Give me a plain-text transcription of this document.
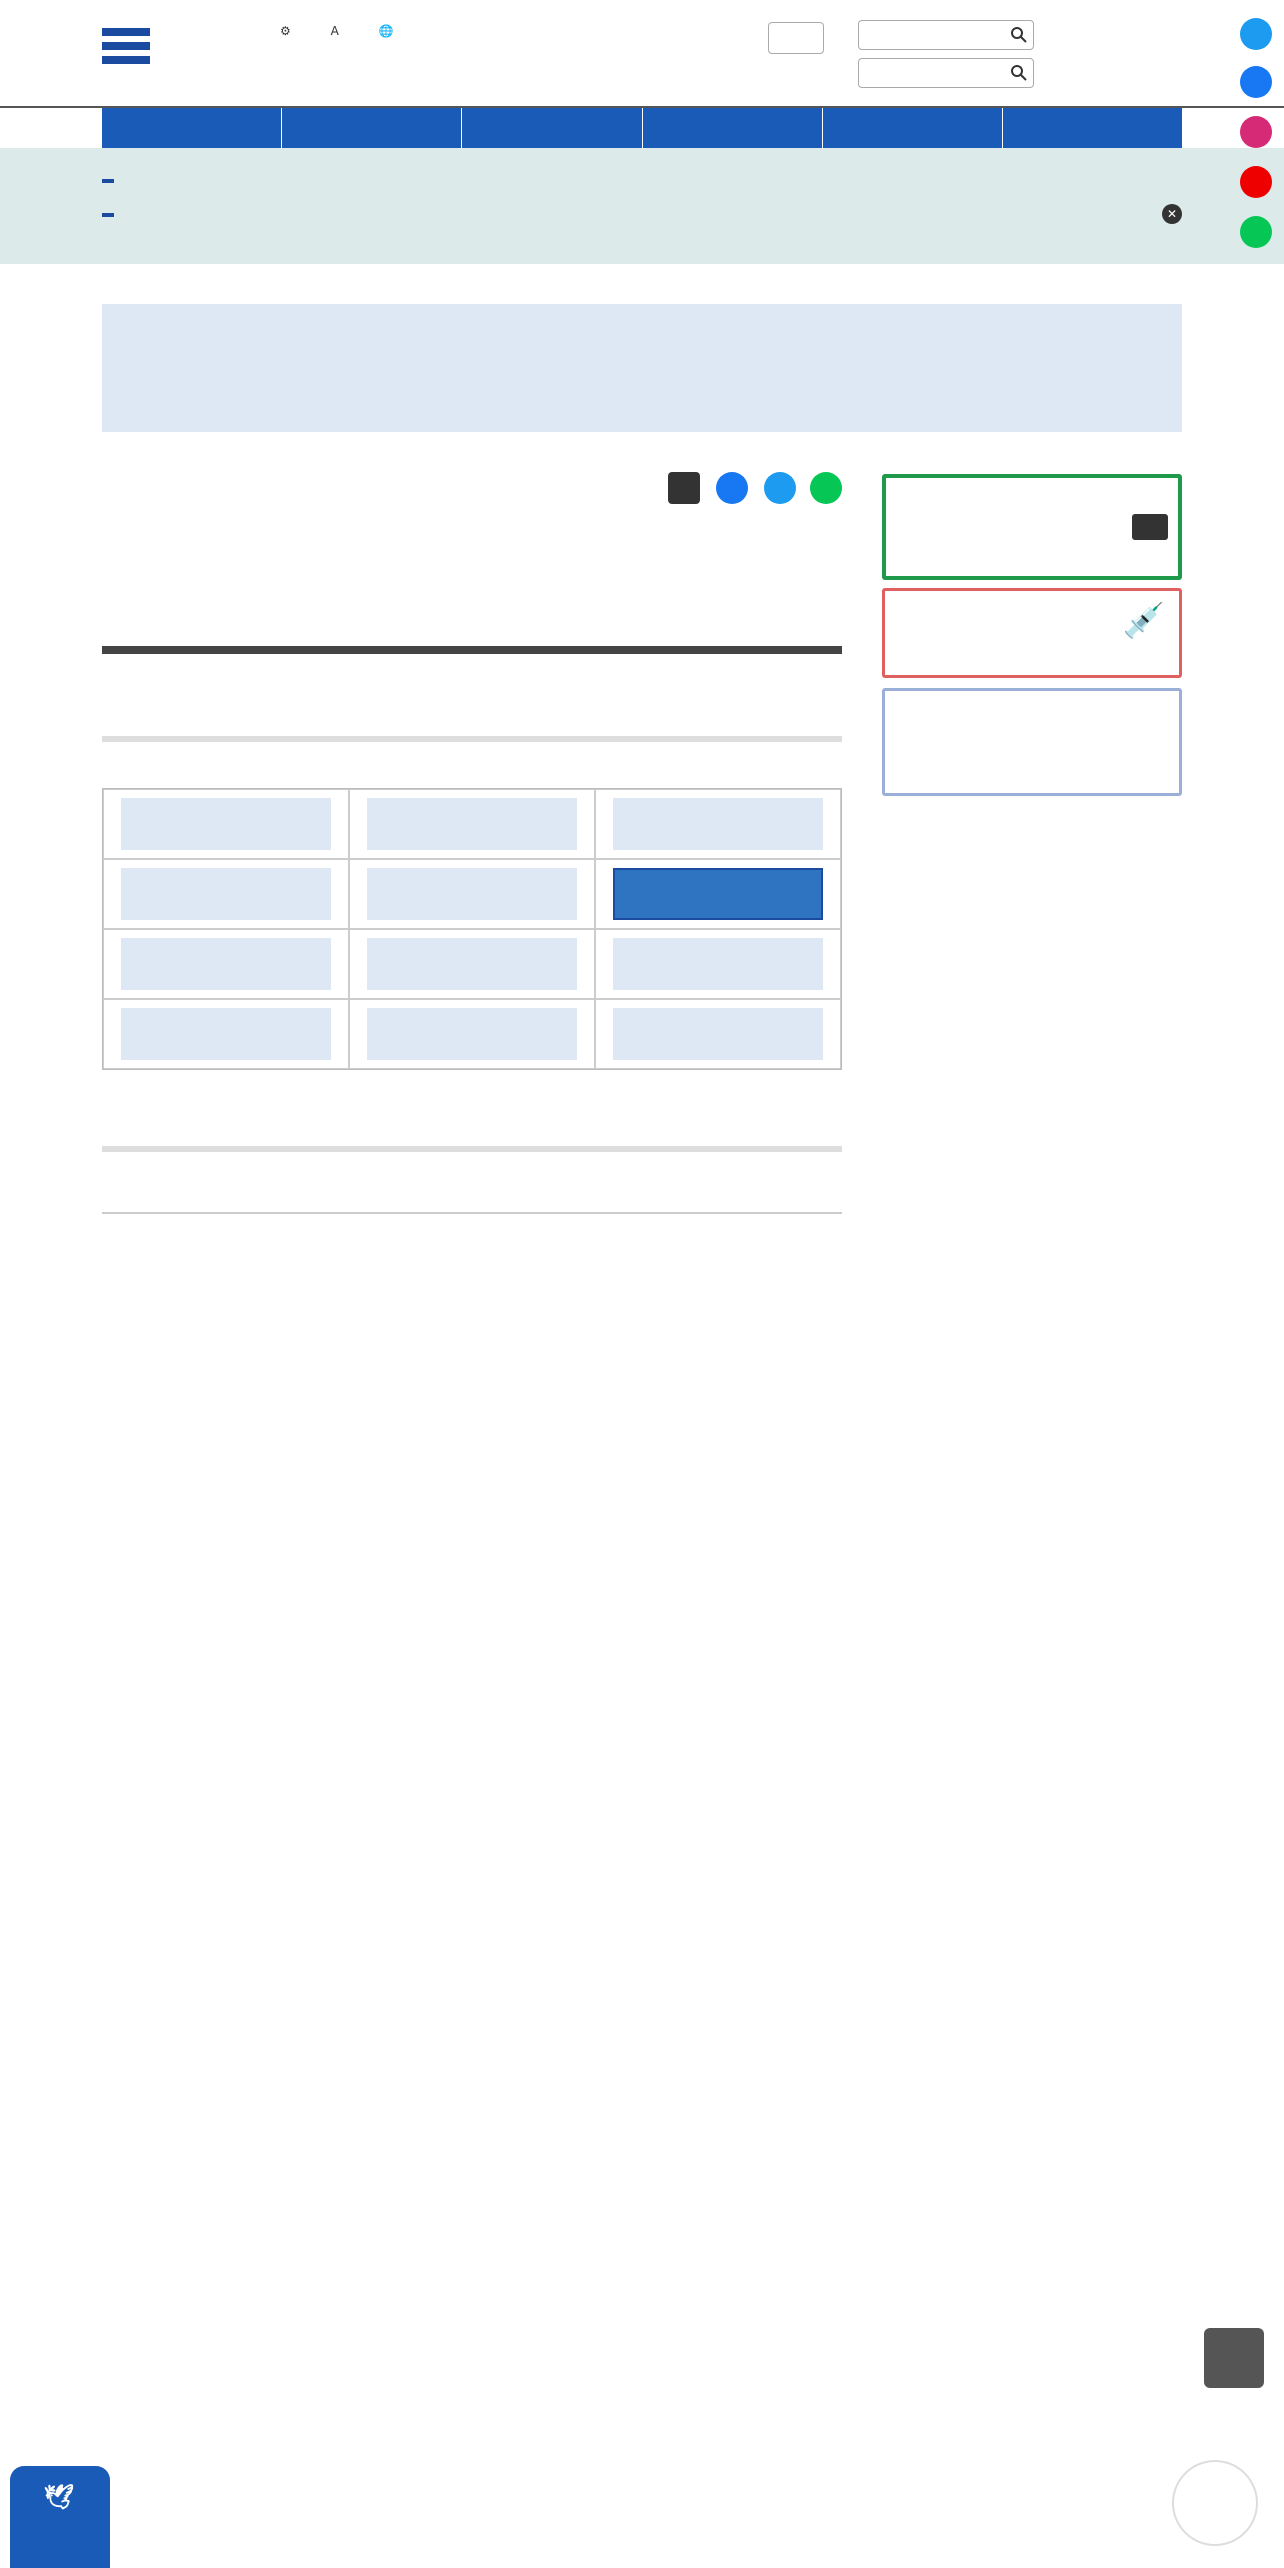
⚙	A	🌐
✕
💉
🕊
